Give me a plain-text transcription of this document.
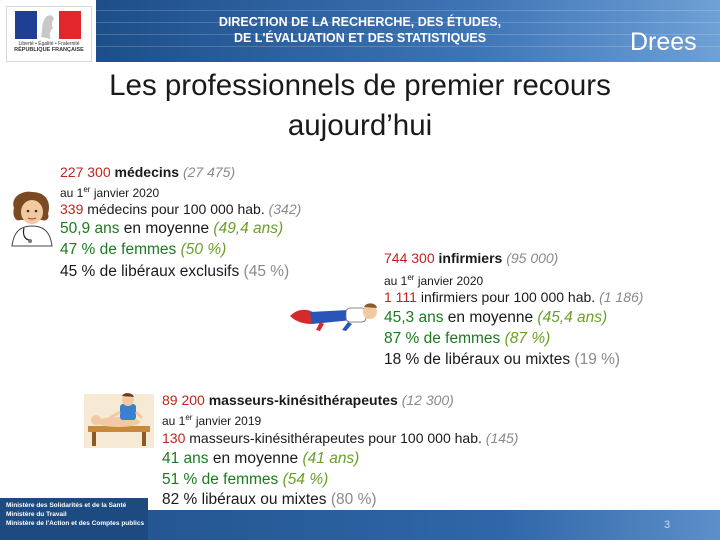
Liberté • Égalité • Fraternité
RÉPUBLIQUE FRANÇAISE
DIRECTION DE LA RECHERCHE, DES ÉTUDES,
DE L'ÉVALUATION ET DES STATISTIQUES	Drees
Les professionnels de premier recours
aujourd’hui
227 300 médecins (27 475)
au 1er janvier 2020
339 médecins pour 100 000 hab. (342)
50,9 ans en moyenne (49,4 ans)
47 % de femmes (50 %)
45 % de libéraux exclusifs (45 %)
744 300 infirmiers (95 000)
au 1er janvier 2020
1 111 infirmiers pour 100 000 hab. (1 186)
45,3 ans en moyenne (45,4 ans)
87 % de femmes (87 %)
18 % de libéraux ou mixtes (19 %)
89 200 masseurs-kinésithérapeutes (12 300)
au 1er janvier 2019
130 masseurs-kinésithérapeutes pour 100 000 hab. (145)
41 ans en moyenne (41 ans)
51 % de femmes (54 %)
82 % libéraux ou mixtes (80 %)
Ministère des Solidarités et de la Santé
Ministère du Travail
Ministère de l'Action et des Comptes publics	3
